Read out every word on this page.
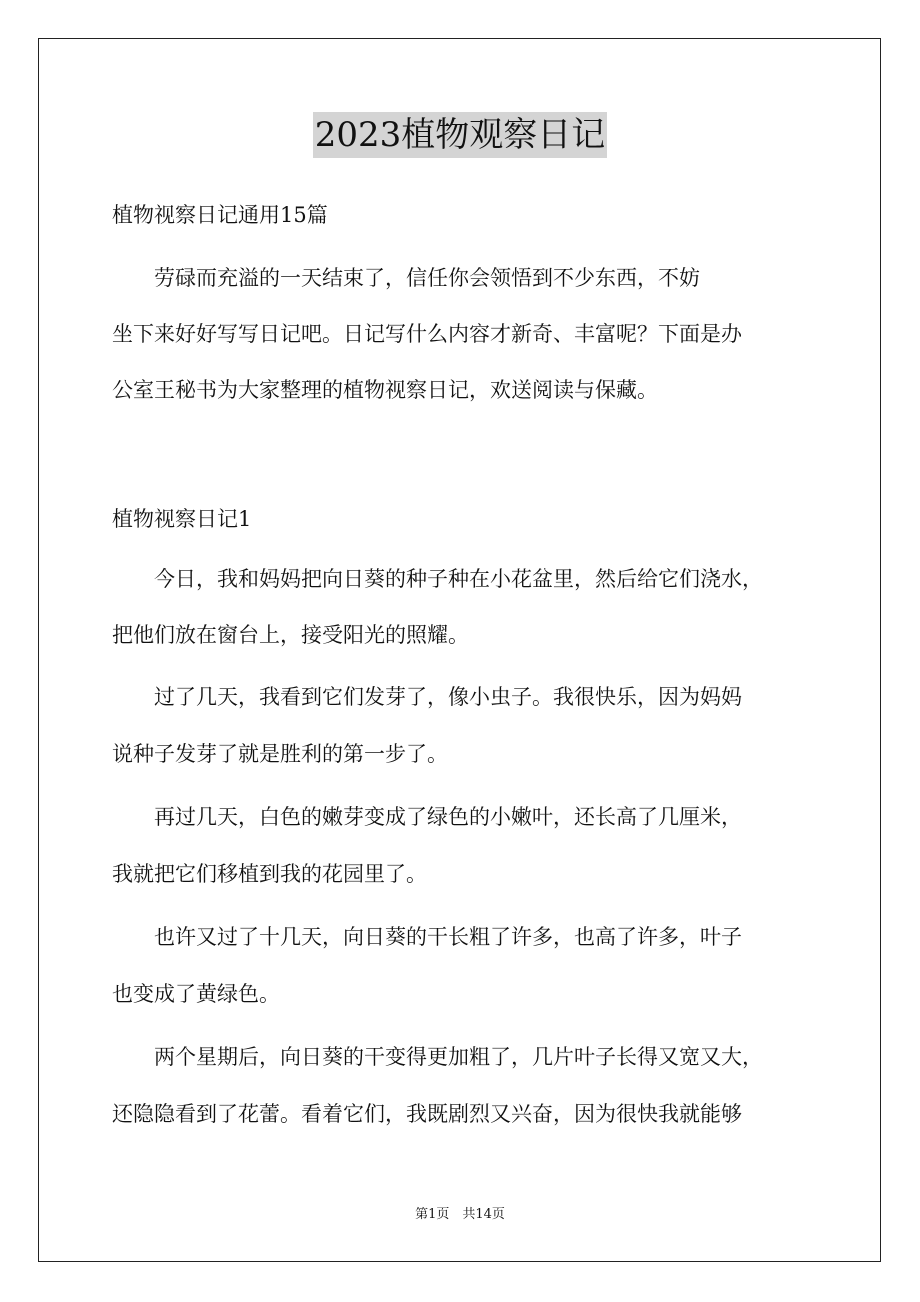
2023植物观察日记
植物视察日记通用15篇
　　劳碌而充溢的一天结束了，信任你会领悟到不少东西，不妨
坐下来好好写写日记吧。日记写什么内容才新奇、丰富呢？下面是办
公室王秘书为大家整理的植物视察日记，欢送阅读与保藏。
植物视察日记1
　　今日，我和妈妈把向日葵的种子种在小花盆里，然后给它们浇水，
把他们放在窗台上，接受阳光的照耀。
　　过了几天，我看到它们发芽了，像小虫子。我很快乐，因为妈妈
说种子发芽了就是胜利的第一步了。
　　再过几天，白色的嫩芽变成了绿色的小嫩叶，还长高了几厘米，
我就把它们移植到我的花园里了。
　　也许又过了十几天，向日葵的干长粗了许多，也高了许多，叶子
也变成了黄绿色。
　　两个星期后，向日葵的干变得更加粗了，几片叶子长得又宽又大，
还隐隐看到了花蕾。看着它们，我既剧烈又兴奋，因为很快我就能够
第1页　共14页
